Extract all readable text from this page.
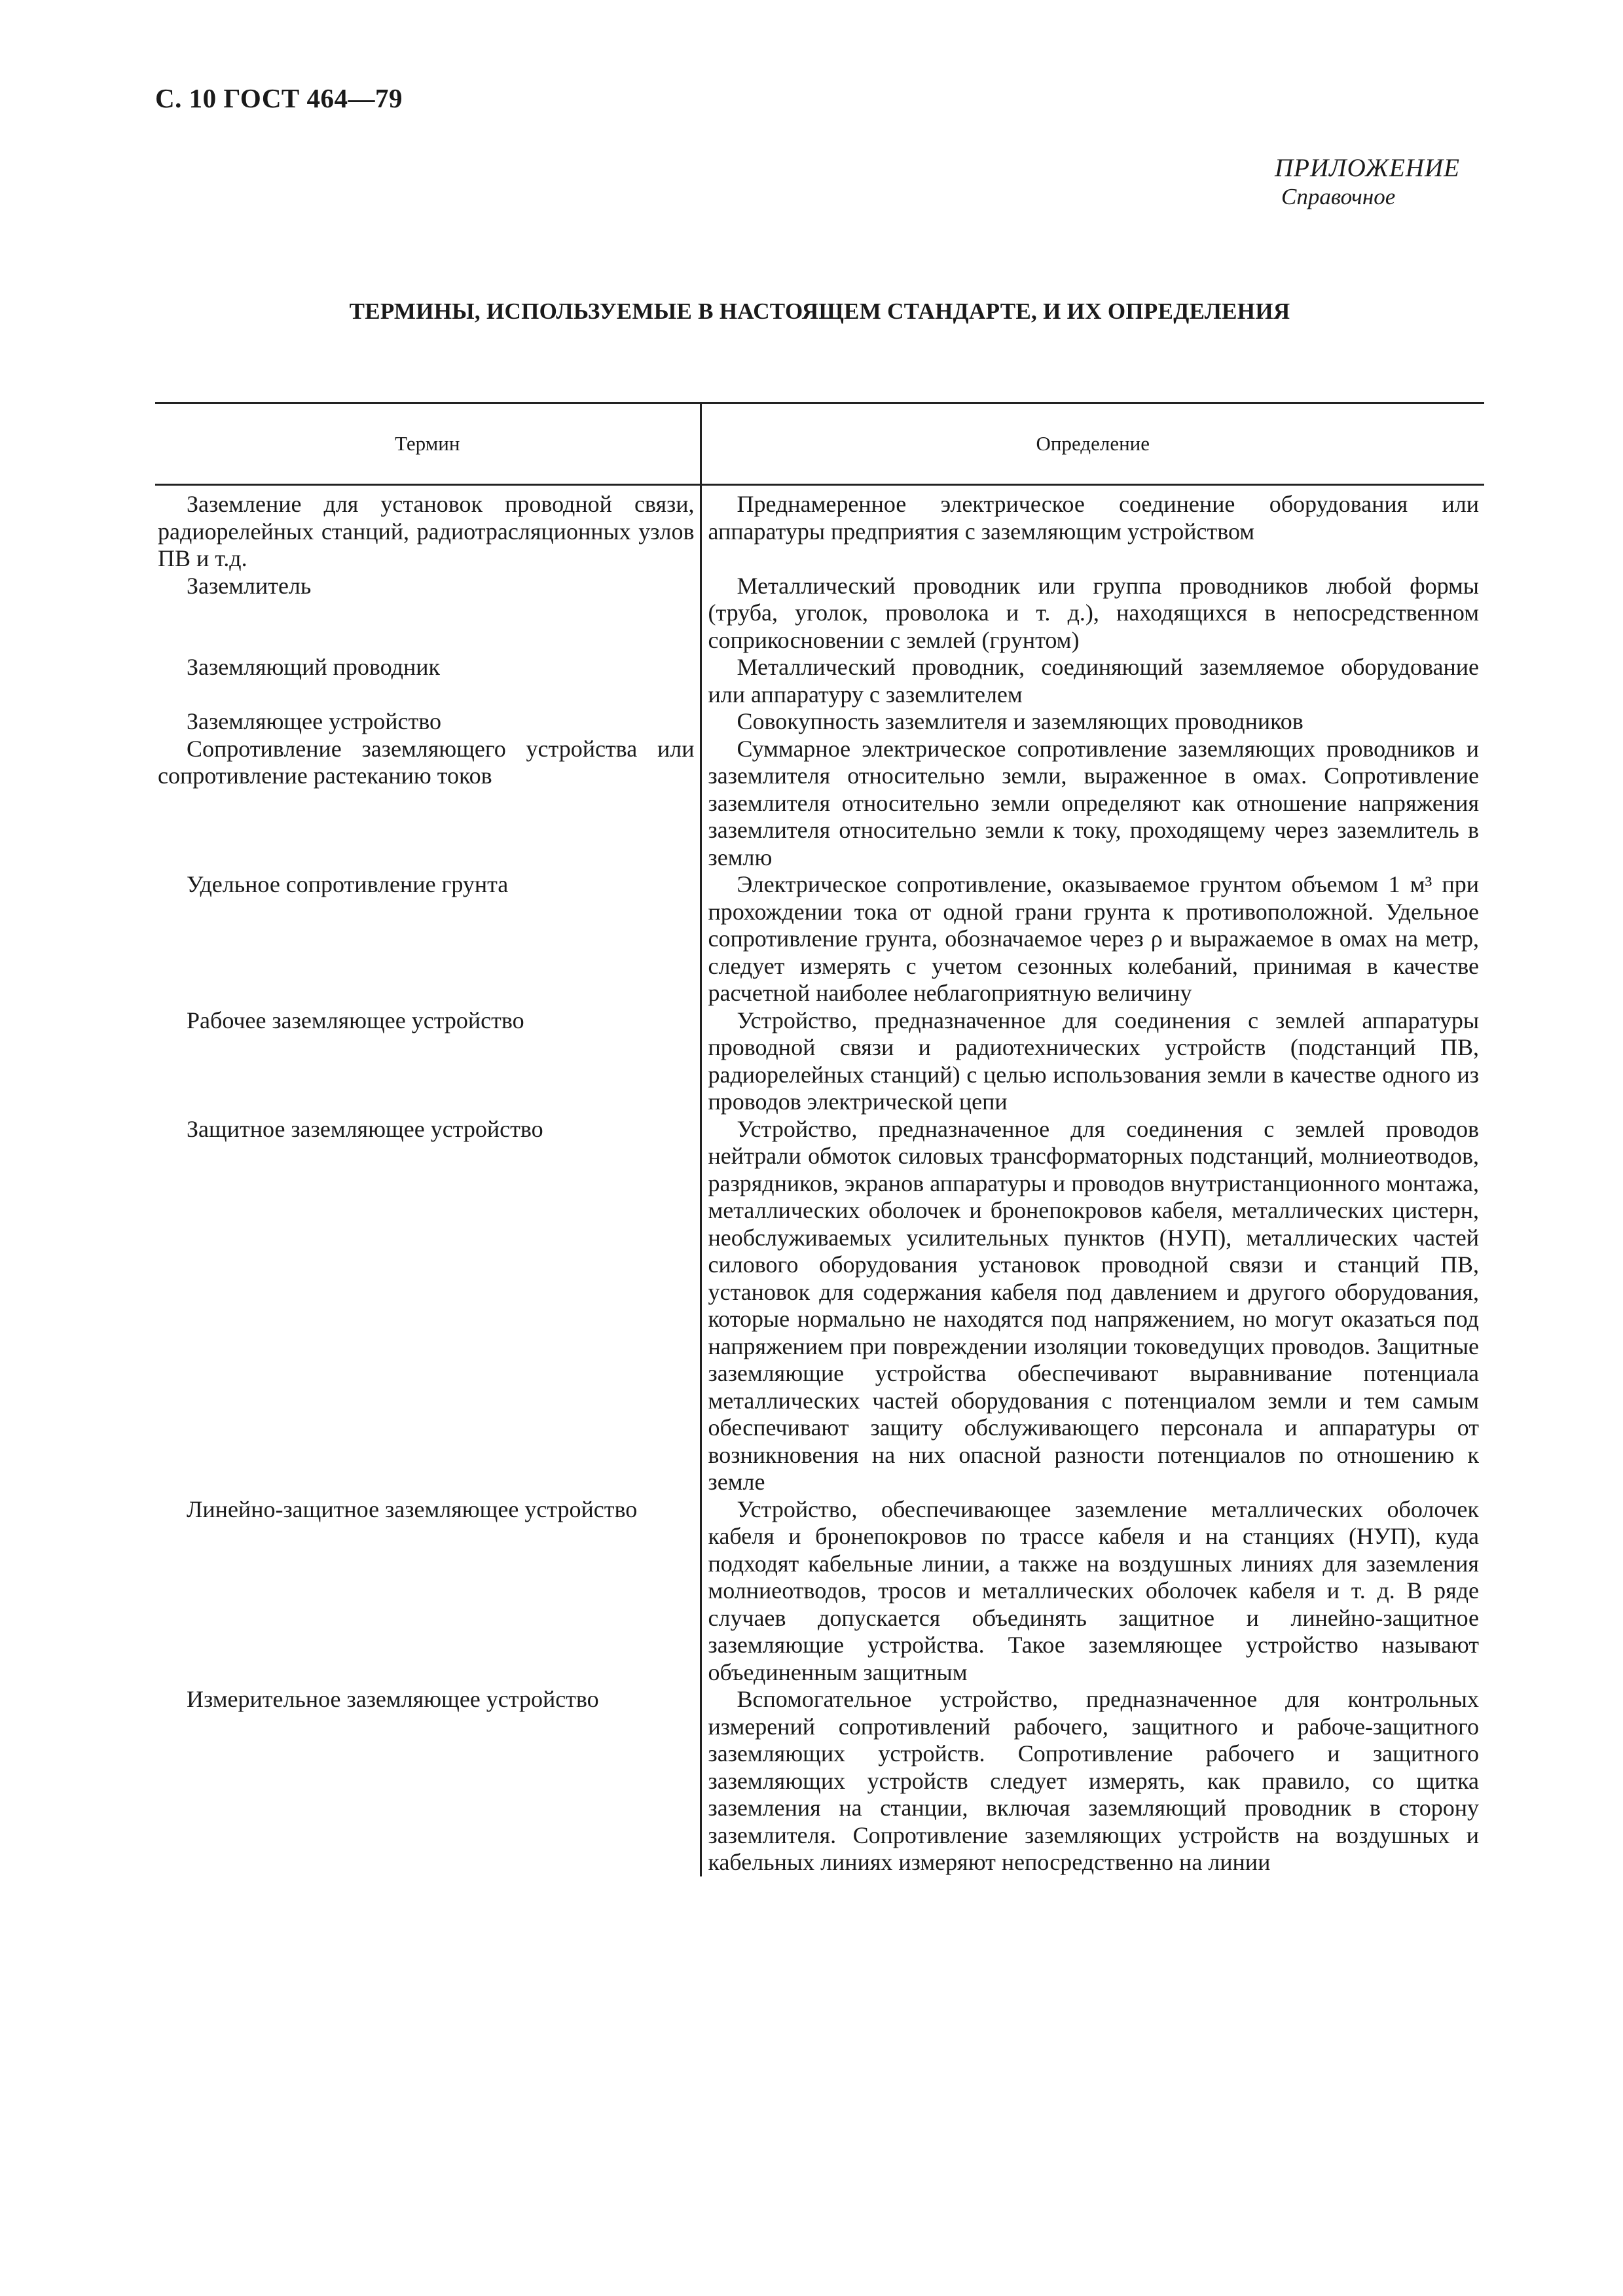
С. 10 ГОСТ 464—79
ПРИЛОЖЕНИЕ
Справочное
ТЕРМИНЫ, ИСПОЛЬЗУЕМЫЕ В НАСТОЯЩЕМ СТАНДАРТЕ, И ИХ ОПРЕДЕЛЕНИЯ
Термин	Определение
Заземление для установок проводной связи, радиорелейных станций, радиотрасляционных узлов ПВ и т.д.	Преднамеренное электрическое соединение оборудования или аппаратуры предприятия с заземляющим устройством
Заземлитель	Металлический проводник или группа проводников любой формы (труба, уголок, проволока и т. д.), находящихся в непосредственном соприкосновении с землей (грунтом)
Заземляющий проводник	Металлический проводник, соединяющий заземляемое оборудование или аппаратуру с заземлителем
Заземляющее устройство	Совокупность заземлителя и заземляющих проводников
Сопротивление заземляющего устройства или сопротивление растеканию токов	Суммарное электрическое сопротивление заземляющих проводников и заземлителя относительно земли, выраженное в омах. Сопротивление заземлителя относительно земли определяют как отношение напряжения заземлителя относительно земли к току, проходящему через заземлитель в землю
Удельное сопротивление грунта	Электрическое сопротивление, оказываемое грунтом объемом 1 м³ при прохождении тока от одной грани грунта к противоположной. Удельное сопротивление грунта, обозначаемое через ρ и выражаемое в омах на метр, следует измерять с учетом сезонных колебаний, принимая в качестве расчетной наиболее неблагоприятную величину
Рабочее заземляющее устройство	Устройство, предназначенное для соединения с землей аппаратуры проводной связи и радиотехнических устройств (подстанций ПВ, радиорелейных станций) с целью использования земли в качестве одного из проводов электрической цепи
Защитное заземляющее устройство	Устройство, предназначенное для соединения с землей проводов нейтрали обмоток силовых трансформаторных подстанций, молниеотводов, разрядников, экранов аппаратуры и проводов внутристанционного монтажа, металлических оболочек и бронепокровов кабеля, металлических цистерн, необслуживаемых усилительных пунктов (НУП), металлических частей силового оборудования установок проводной связи и станций ПВ, установок для содержания кабеля под давлением и другого оборудования, которые нормально не находятся под напряжением, но могут оказаться под напряжением при повреждении изоляции токоведущих проводов. Защитные заземляющие устройства обеспечивают выравнивание потенциала металлических частей оборудования с потенциалом земли и тем самым обеспечивают защиту обслуживающего персонала и аппаратуры от возникновения на них опасной разности потенциалов по отношению к земле
Линейно-защитное заземляющее устройство	Устройство, обеспечивающее заземление металлических оболочек кабеля и бронепокровов по трассе кабеля и на станциях (НУП), куда подходят кабельные линии, а также на воздушных линиях для заземления молниеотводов, тросов и металлических оболочек кабеля и т. д. В ряде случаев допускается объединять защитное и линейно-защитное заземляющие устройства. Такое заземляющее устройство называют объединенным защитным
Измерительное заземляющее устройство	Вспомогательное устройство, предназначенное для контрольных измерений сопротивлений рабочего, защитного и рабоче-защитного заземляющих устройств. Сопротивление рабочего и защитного заземляющих устройств следует измерять, как правило, со щитка заземления на станции, включая заземляющий проводник в сторону заземлителя. Сопротивление заземляющих устройств на воздушных и кабельных линиях измеряют непосредственно на линии
